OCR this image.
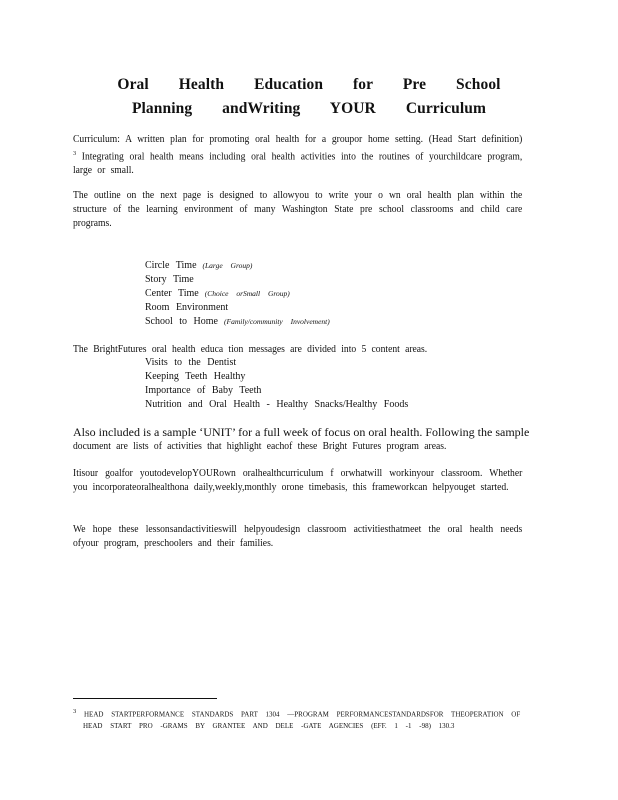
Oral Health Education for Pre School
Planning andWriting YOUR Curriculum
Curriculum: A written plan for promoting oral health for a groupor home setting. (Head Start definition) $^3$ Integrating oral health means including oral health activities into the routines of yourchildcare program, large or small.
The outline on the next page is designed to allowyou to write your o wn oral health plan within the structure of the learning environment of many Washington State pre school classrooms and child care programs.
Circle Time (Large Group)
Story Time
Center Time (Choice orSmall Group)
Room Environment
School to Home (Family/community Involvement)
The BrightFutures oral health educa tion messages are divided into 5 content areas.
Visits to the Dentist
Keeping Teeth Healthy
Importance of Baby Teeth
Nutrition and Oral Health - Healthy Snacks/Healthy Foods
Also included is a sample ‘UNIT’ for a full week of focus on oral health. Following the sample
document are lists of activities that highlight eachof these Bright Futures program areas.
Itisour goalfor youtodevelopYOURown oralhealthcurriculum f orwhatwill workinyour classroom. Whether you incorporateoralhealthona daily,weekly,monthly orone timebasis, this frameworkcan helpyouget started.
We hope these lessonsandactivitieswill helpyoudesign classroom activitiesthatmeet the oral health needs ofyour program, preschoolers and their families.
3 HEAD STARTPERFORMANCE STANDARDS PART 1304 —PROGRAM PERFORMANCESTANDARDSFOR THEOPERATION OF
HEAD START PRO -GRAMS BY GRANTEE AND DELE -GATE AGENCIES (EFF. 1 -1 -98) 130.3
